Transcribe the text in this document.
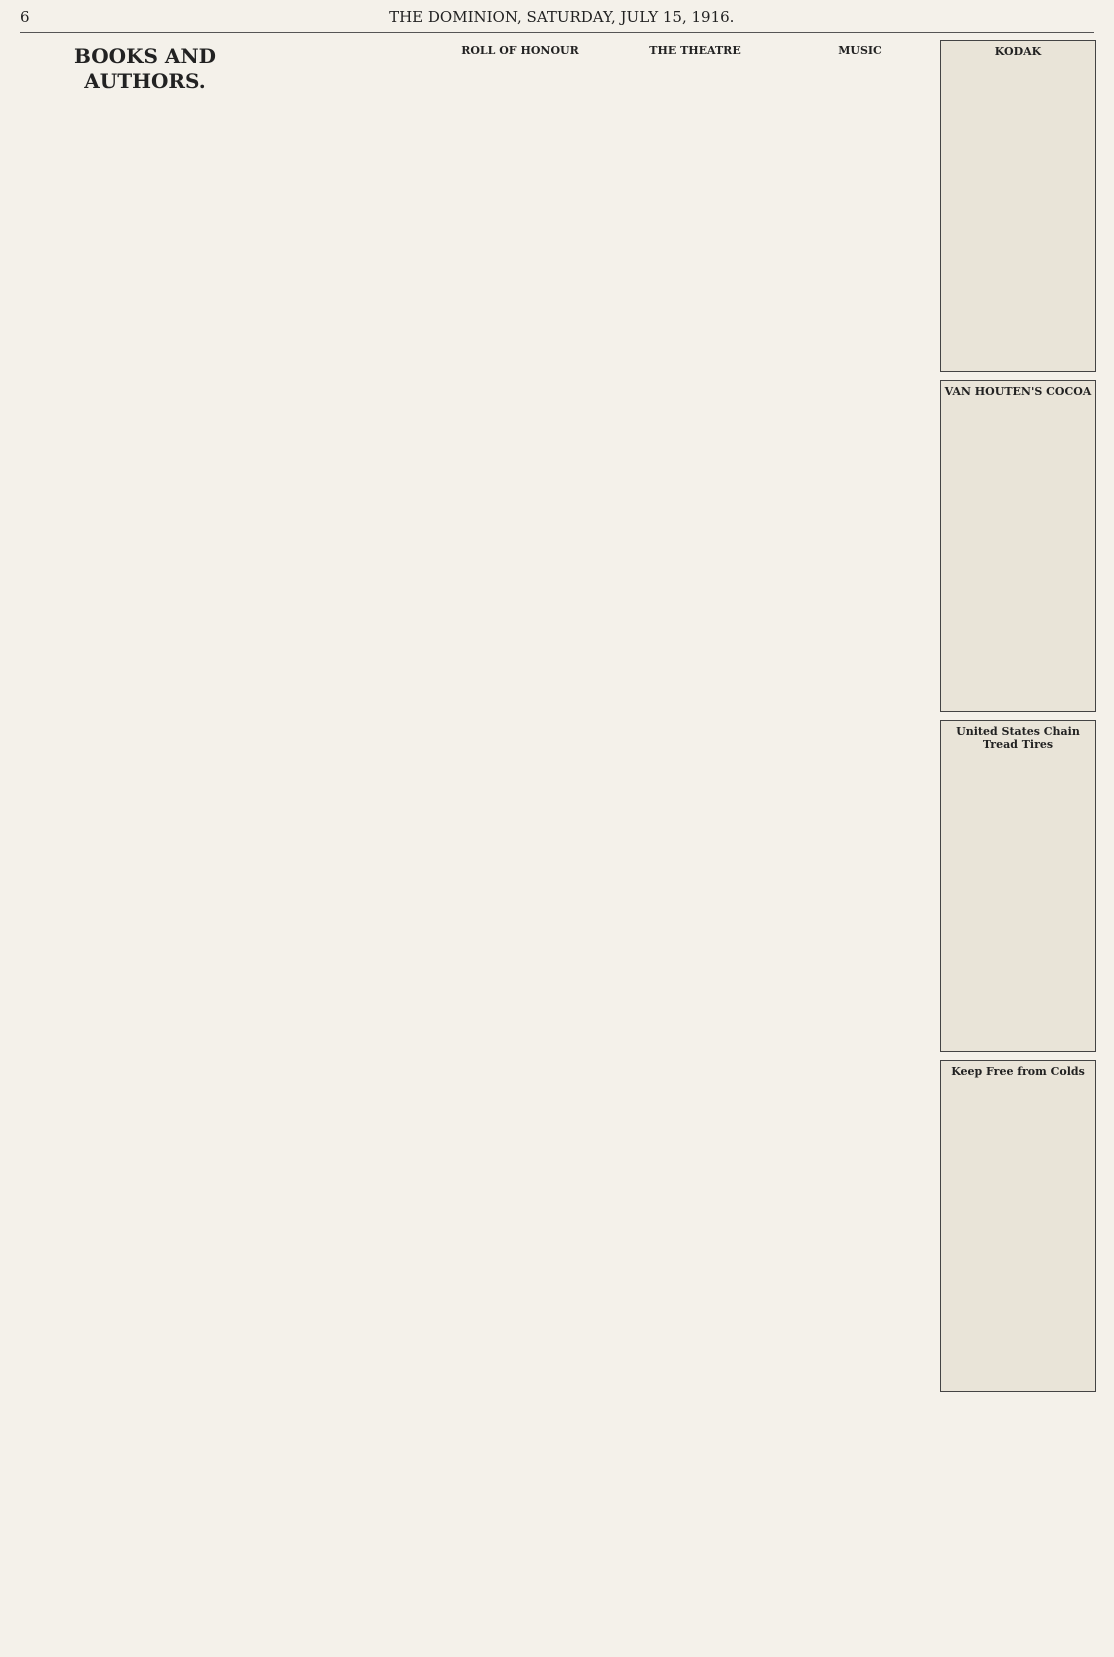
6	THE DOMINION, SATURDAY, JULY 15, 1916.
BOOKS AND AUTHORS.
ROLL OF HONOUR	THE THEATRE	MUSIC	KODAK
VAN HOUTEN'S COCOA
United States Chain Tread Tires
Keep Free from Colds
